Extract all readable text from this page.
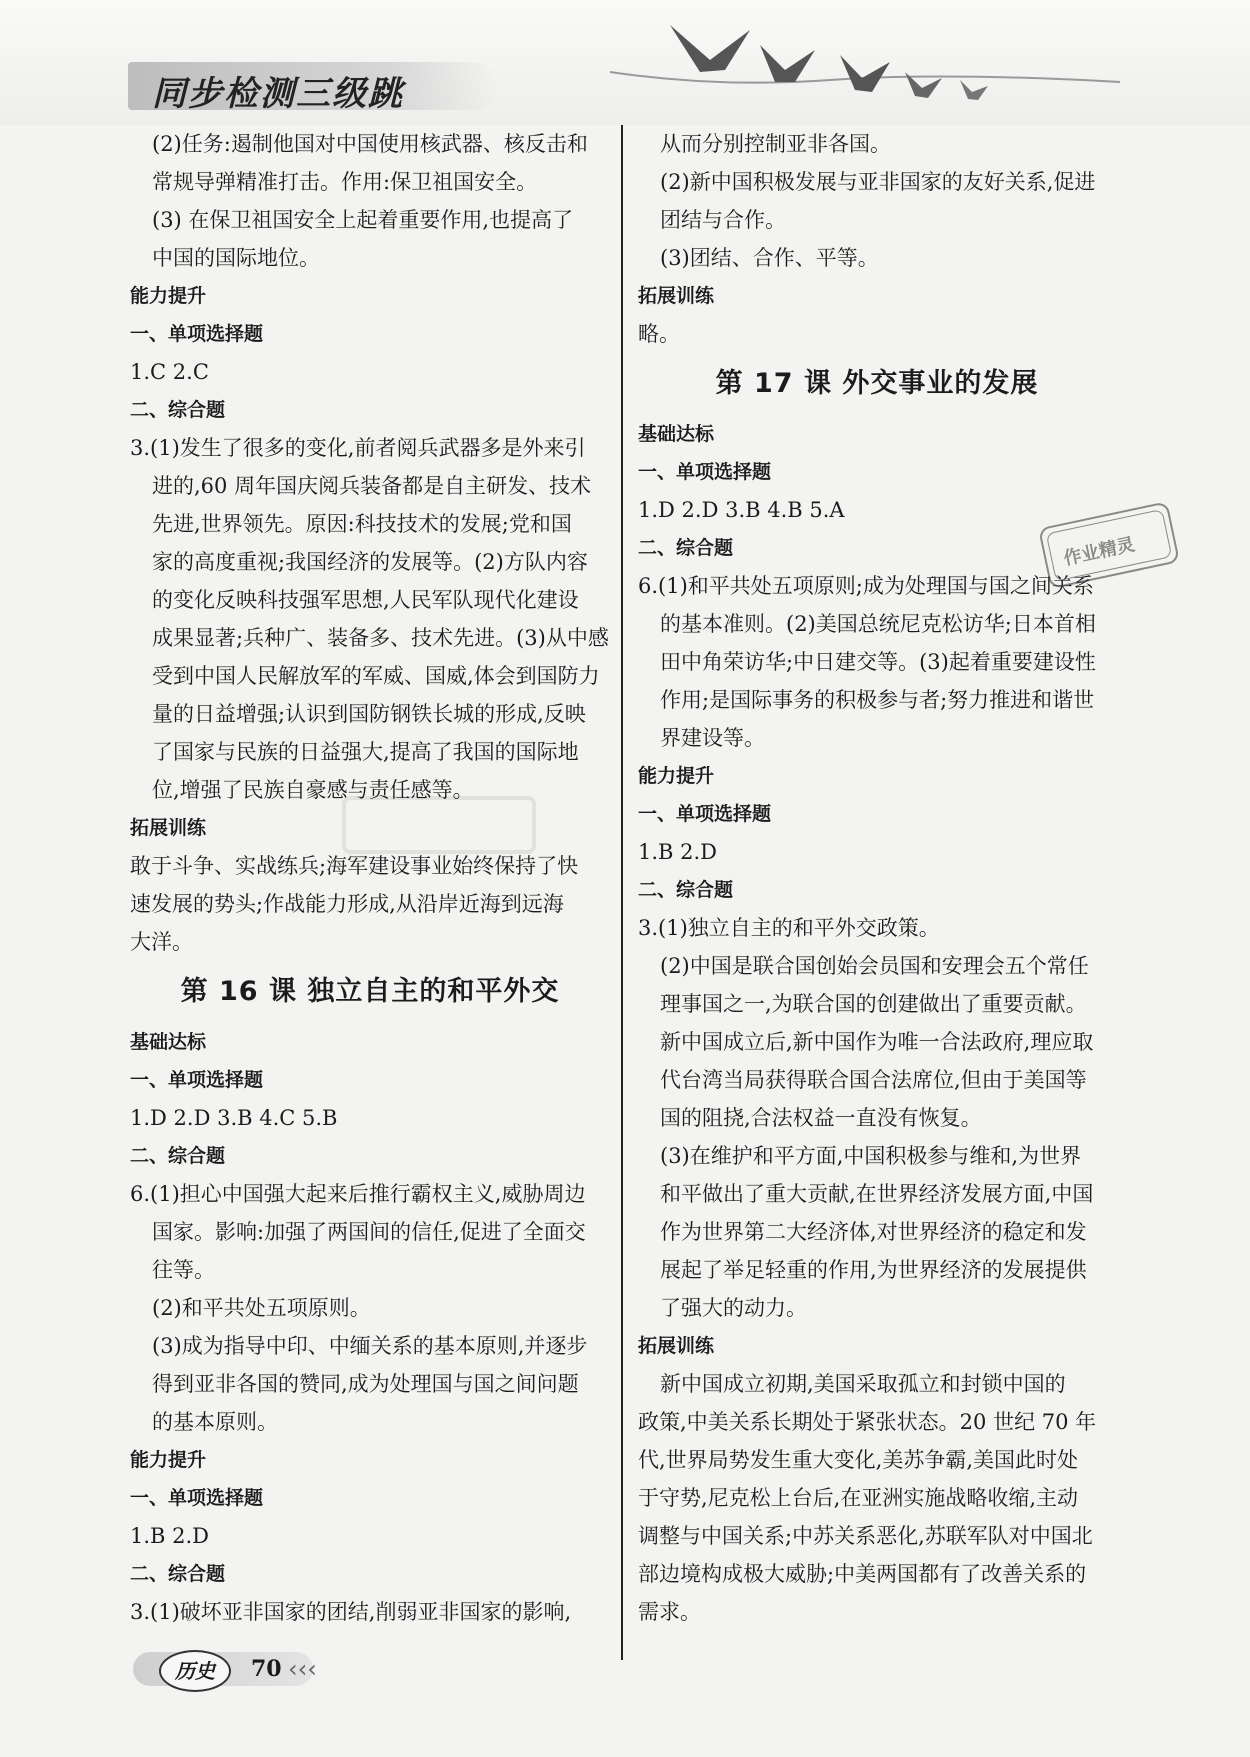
同步检测三级跳
(2)任务:遏制他国对中国使用核武器、核反击和
常规导弹精准打击。作用:保卫祖国安全。
(3) 在保卫祖国安全上起着重要作用,也提高了
中国的国际地位。
能力提升
一、单项选择题
1.C 2.C
二、综合题
3.(1)发生了很多的变化,前者阅兵武器多是外来引
进的,60 周年国庆阅兵装备都是自主研发、技术
先进,世界领先。原因:科技技术的发展;党和国
家的高度重视;我国经济的发展等。(2)方队内容
的变化反映科技强军思想,人民军队现代化建设
成果显著;兵种广、装备多、技术先进。(3)从中感
受到中国人民解放军的军威、国威,体会到国防力
量的日益增强;认识到国防钢铁长城的形成,反映
了国家与民族的日益强大,提高了我国的国际地
位,增强了民族自豪感与责任感等。
拓展训练
敢于斗争、实战练兵;海军建设事业始终保持了快
速发展的势头;作战能力形成,从沿岸近海到远海
大洋。
第 16 课 独立自主的和平外交
基础达标
一、单项选择题
1.D 2.D 3.B 4.C 5.B
二、综合题
6.(1)担心中国强大起来后推行霸权主义,威胁周边
国家。影响:加强了两国间的信任,促进了全面交
往等。
(2)和平共处五项原则。
(3)成为指导中印、中缅关系的基本原则,并逐步
得到亚非各国的赞同,成为处理国与国之间问题
的基本原则。
能力提升
一、单项选择题
1.B 2.D
二、综合题
3.(1)破坏亚非国家的团结,削弱亚非国家的影响,
从而分别控制亚非各国。
(2)新中国积极发展与亚非国家的友好关系,促进
团结与合作。
(3)团结、合作、平等。
拓展训练
略。
第 17 课 外交事业的发展
基础达标
一、单项选择题
1.D 2.D 3.B 4.B 5.A
二、综合题
6.(1)和平共处五项原则;成为处理国与国之间关系
的基本准则。(2)美国总统尼克松访华;日本首相
田中角荣访华;中日建交等。(3)起着重要建设性
作用;是国际事务的积极参与者;努力推进和谐世
界建设等。
能力提升
一、单项选择题
1.B 2.D
二、综合题
3.(1)独立自主的和平外交政策。
(2)中国是联合国创始会员国和安理会五个常任
理事国之一,为联合国的创建做出了重要贡献。
新中国成立后,新中国作为唯一合法政府,理应取
代台湾当局获得联合国合法席位,但由于美国等
国的阻挠,合法权益一直没有恢复。
(3)在维护和平方面,中国积极参与维和,为世界
和平做出了重大贡献,在世界经济发展方面,中国
作为世界第二大经济体,对世界经济的稳定和发
展起了举足轻重的作用,为世界经济的发展提供
了强大的动力。
拓展训练
新中国成立初期,美国采取孤立和封锁中国的
政策,中美关系长期处于紧张状态。20 世纪 70 年
代,世界局势发生重大变化,美苏争霸,美国此时处
于守势,尼克松上台后,在亚洲实施战略收缩,主动
调整与中国关系;中苏关系恶化,苏联军队对中国北
部边境构成极大威胁;中美两国都有了改善关系的
需求。
作业精灵
历史	70 ‹‹‹
